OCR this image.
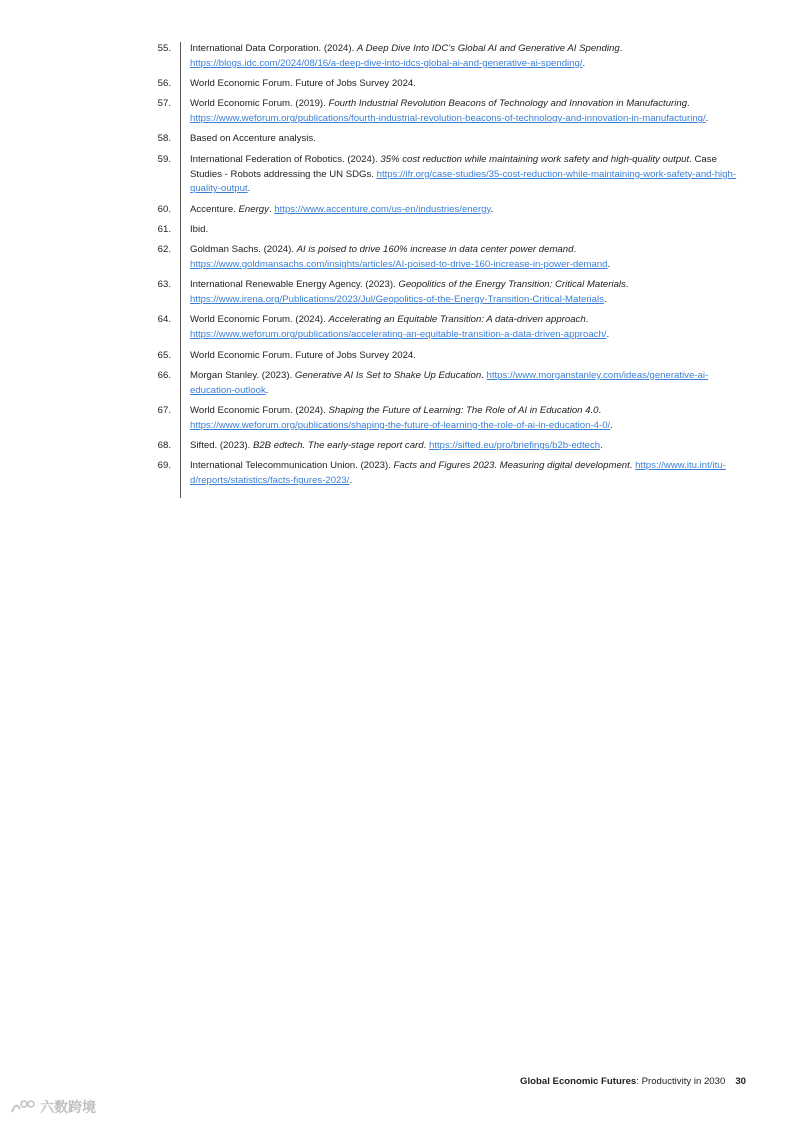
55. International Data Corporation. (2024). A Deep Dive Into IDC’s Global AI and Generative AI Spending. https://blogs.idc.com/2024/08/16/a-deep-dive-into-idcs-global-ai-and-generative-ai-spending/.
56. World Economic Forum. Future of Jobs Survey 2024.
57. World Economic Forum. (2019). Fourth Industrial Revolution Beacons of Technology and Innovation in Manufacturing. https://www.weforum.org/publications/fourth-industrial-revolution-beacons-of-technology-and-innovation-in-manufacturing/.
58. Based on Accenture analysis.
59. International Federation of Robotics. (2024). 35% cost reduction while maintaining work safety and high-quality output. Case Studies - Robots addressing the UN SDGs. https://ifr.org/case-studies/35-cost-reduction-while-maintaining-work-safety-and-high-quality-output.
60. Accenture. Energy. https://www.accenture.com/us-en/industries/energy.
61. Ibid.
62. Goldman Sachs. (2024). AI is poised to drive 160% increase in data center power demand. https://www.goldmansachs.com/insights/articles/AI-poised-to-drive-160-increase-in-power-demand.
63. International Renewable Energy Agency. (2023). Geopolitics of the Energy Transition: Critical Materials. https://www.irena.org/Publications/2023/Jul/Geopolitics-of-the-Energy-Transition-Critical-Materials.
64. World Economic Forum. (2024). Accelerating an Equitable Transition: A data-driven approach. https://www.weforum.org/publications/accelerating-an-equitable-transition-a-data-driven-approach/.
65. World Economic Forum. Future of Jobs Survey 2024.
66. Morgan Stanley. (2023). Generative AI Is Set to Shake Up Education. https://www.morganstanley.com/ideas/generative-ai-education-outlook.
67. World Economic Forum. (2024). Shaping the Future of Learning: The Role of AI in Education 4.0. https://www.weforum.org/publications/shaping-the-future-of-learning-the-role-of-ai-in-education-4-0/.
68. Sifted. (2023). B2B edtech. The early-stage report card. https://sifted.eu/pro/briefings/b2b-edtech.
69. International Telecommunication Union. (2023). Facts and Figures 2023. Measuring digital development. https://www.itu.int/itu-d/reports/statistics/facts-figures-2023/.
Global Economic Futures: Productivity in 2030 30
六数跨境
